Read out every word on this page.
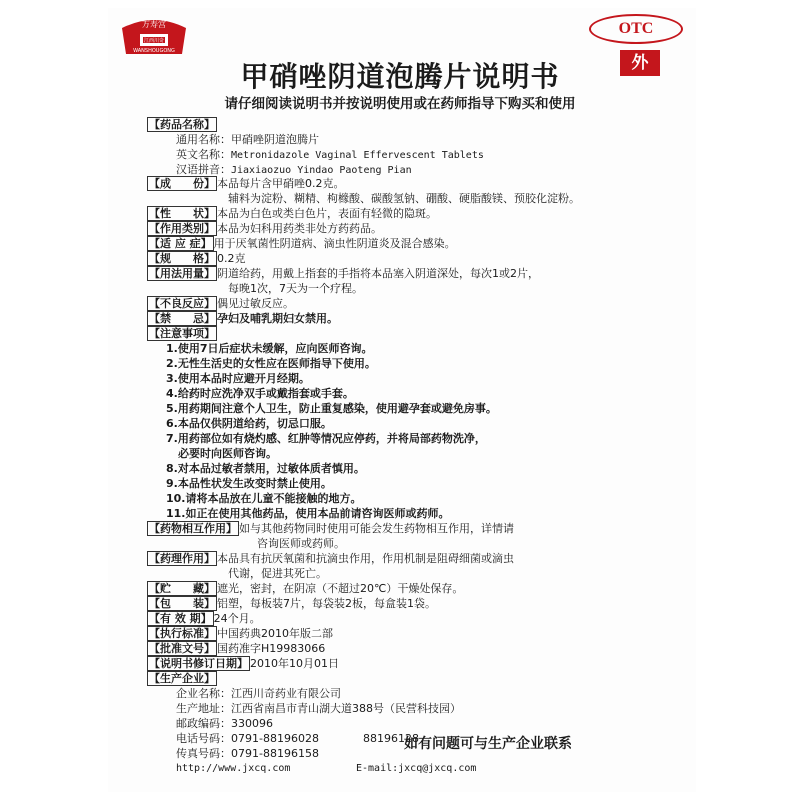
万寿宫
江西川奇
WANSHOUGONG
OTC
外
甲硝唑阴道泡腾片说明书
请仔细阅读说明书并按说明使用或在药师指导下购买和使用
【药品名称】
通用名称：甲硝唑阴道泡腾片
英文名称：Metronidazole Vaginal Effervescent Tablets
汉语拼音：Jiaxiaozuo Yindao Paoteng Pian
【成　　份】 本品每片含甲硝唑0.2克。
辅料为淀粉、糊精、枸橼酸、碳酸氢钠、硼酸、硬脂酸镁、预胶化淀粉。
【性　　状】 本品为白色或类白色片，表面有轻微的隐斑。
【作用类别】 本品为妇科用药类非处方药药品。
【适 应 症】 用于厌氧菌性阴道病、滴虫性阴道炎及混合感染。
【规　　格】 0.2克
【用法用量】 阴道给药，用戴上指套的手指将本品塞入阴道深处，每次1或2片，
每晚1次，7天为一个疗程。
【不良反应】 偶见过敏反应。
【禁　　忌】 孕妇及哺乳期妇女禁用。
【注意事项】
1.使用7日后症状未缓解，应向医师咨询。
2.无性生活史的女性应在医师指导下使用。
3.使用本品时应避开月经期。
4.给药时应洗净双手或戴指套或手套。
5.用药期间注意个人卫生，防止重复感染，使用避孕套或避免房事。
6.本品仅供阴道给药，切忌口服。
7.用药部位如有烧灼感、红肿等情况应停药，并将局部药物洗净，
必要时向医师咨询。
8.对本品过敏者禁用，过敏体质者慎用。
9.本品性状发生改变时禁止使用。
10.请将本品放在儿童不能接触的地方。
11.如正在使用其他药品，使用本品前请咨询医师或药师。
【药物相互作用】 如与其他药物同时使用可能会发生药物相互作用，详情请
咨询医师或药师。
【药理作用】 本品具有抗厌氧菌和抗滴虫作用，作用机制是阻碍细菌或滴虫
代谢，促进其死亡。
【贮　　藏】 遮光，密封，在阴凉（不超过20℃）干燥处保存。
【包　　装】 铝塑，每板装7片，每袋装2板，每盒装1袋。
【有 效 期】 24个月。
【执行标准】 中国药典2010年版二部
【批准文号】 国药准字H19983066
【说明书修订日期】 2010年10月01日
【生产企业】
企业名称：江西川奇药业有限公司
生产地址：江西省南昌市青山湖大道388号（民营科技园）
邮政编码：330096
电话号码：0791-88196028	88196128
传真号码：0791-88196158
http://www.jxcq.com	E-mail:jxcq@jxcq.com
如有问题可与生产企业联系
